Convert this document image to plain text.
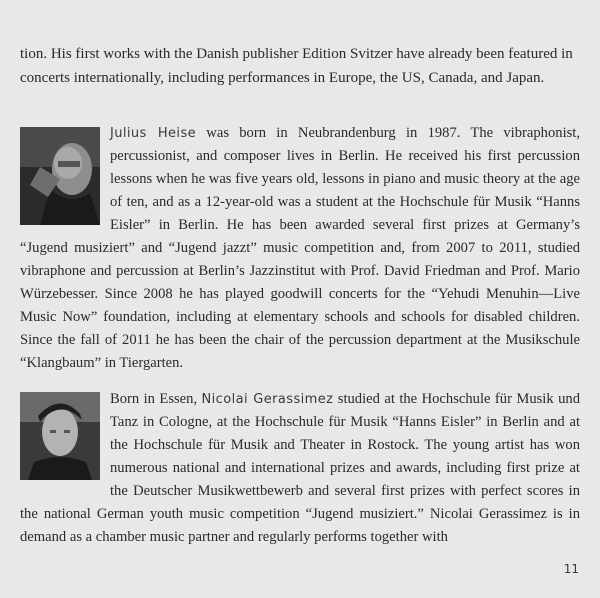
tion. His first works with the Danish publisher Edition Svitzer have already been featured in concerts internationally, including performances in Europe, the US, Canada, and Japan.

Julius Heise was born in Neubrandenburg in 1987. The vibraphonist, percussionist, and composer lives in Berlin. He received his first percussion lessons when he was five years old, lessons in piano and music theory at the age of ten, and as a 12-year-old was a student at the Hochschule für Musik “Hanns Eisler” in Berlin. He has been awarded several first prizes at Germany’s “Jugend musiziert” and “Jugend jazzt” music competition and, from 2007 to 2011, studied vibraphone and percussion at Berlin’s Jazzinstitut with Prof. David Friedman and Prof. Mario Würzebesser. Since 2008 he has played goodwill concerts for the “Yehudi Menuhin—Live Music Now” foundation, including at elementary schools and schools for disabled children. Since the fall of 2011 he has been the chair of the percussion department at the Musikschule “Klangbaum” in Tiergarten.

Born in Essen, Nicolai Gerassimez studied at the Hochschule für Musik und Tanz in Cologne, at the Hochschule für Musik “Hanns Eisler” in Berlin and at the Hochschule für Musik and Theater in Rostock. The young artist has won numerous national and international prizes and awards, including first prize at the Deutscher Musikwettbewerb and several first prizes with perfect scores in the national German youth music competition “Jugend musiziert.” Nicolai Gerassimez is in demand as a chamber music partner and regularly performs together with

11
